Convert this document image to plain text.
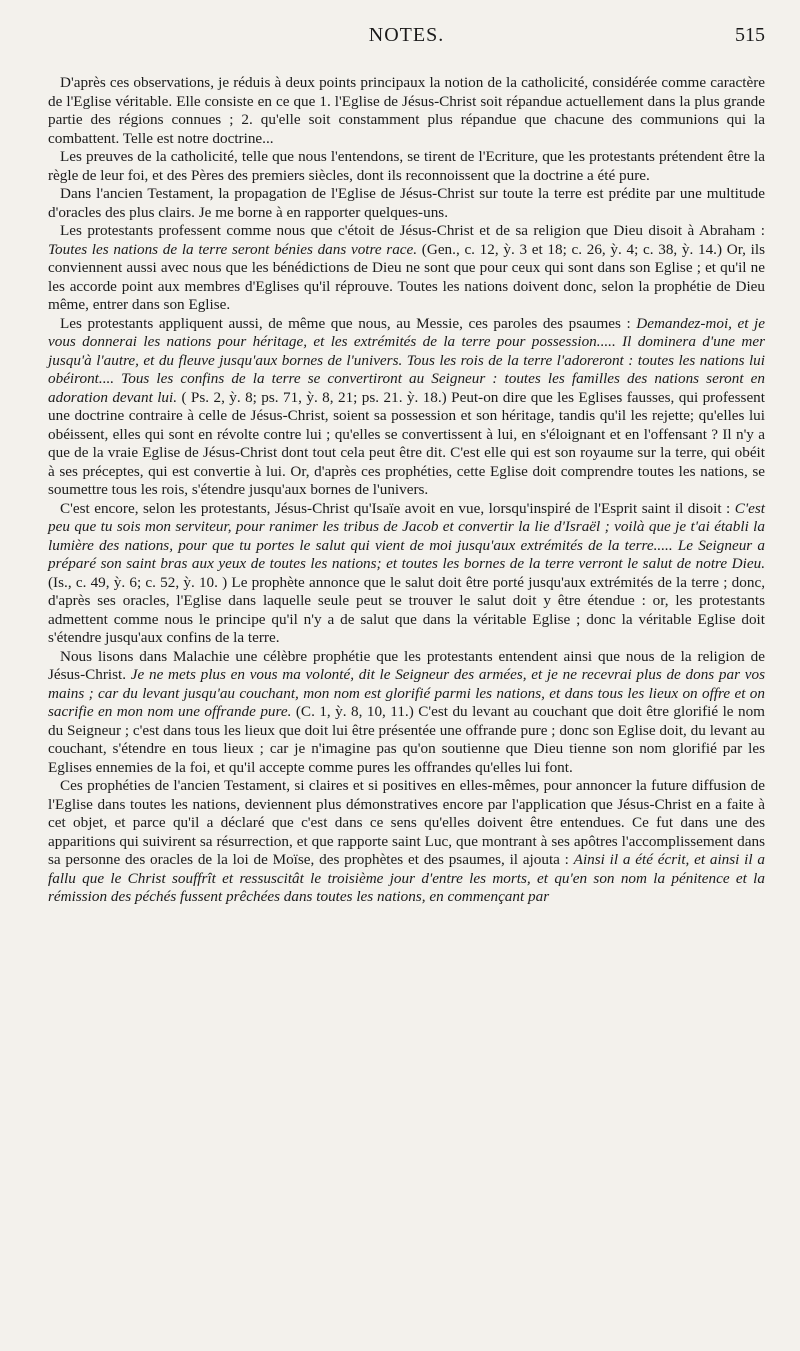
NOTES.	515

D'après ces observations, je réduis à deux points principaux la notion de la catholicité, considérée comme caractère de l'Eglise véritable. Elle consiste en ce que 1. l'Eglise de Jésus-Christ soit répandue actuellement dans la plus grande partie des régions connues ; 2. qu'elle soit constamment plus répandue que chacune des communions qui la combattent. Telle est notre doctrine...

Les preuves de la catholicité, telle que nous l'entendons, se tirent de l'Ecriture, que les protestants prétendent être la règle de leur foi, et des Pères des premiers siècles, dont ils reconnoissent que la doctrine a été pure.

Dans l'ancien Testament, la propagation de l'Eglise de Jésus-Christ sur toute la terre est prédite par une multitude d'oracles des plus clairs. Je me borne à en rapporter quelques-uns.

Les protestants professent comme nous que c'étoit de Jésus-Christ et de sa religion que Dieu disoit à Abraham : Toutes les nations de la terre seront bénies dans votre race. (Gen., c. 12, ỳ. 3 et 18; c. 26, ỳ. 4; c. 38, ỳ. 14.) Or, ils conviennent aussi avec nous que les bénédictions de Dieu ne sont que pour ceux qui sont dans son Eglise ; et qu'il ne les accorde point aux membres d'Eglises qu'il réprouve. Toutes les nations doivent donc, selon la prophétie de Dieu même, entrer dans son Eglise.

Les protestants appliquent aussi, de même que nous, au Messie, ces paroles des psaumes : Demandez-moi, et je vous donnerai les nations pour héritage, et les extrémités de la terre pour possession..... Il dominera d'une mer jusqu'à l'autre, et du fleuve jusqu'aux bornes de l'univers. Tous les rois de la terre l'adoreront : toutes les nations lui obéiront.... Tous les confins de la terre se convertiront au Seigneur : toutes les familles des nations seront en adoration devant lui. ( Ps. 2, ỳ. 8; ps. 71, ỳ. 8, 21; ps. 21. ỳ. 18.) Peut-on dire que les Eglises fausses, qui professent une doctrine contraire à celle de Jésus-Christ, soient sa possession et son héritage, tandis qu'il les rejette; qu'elles lui obéissent, elles qui sont en révolte contre lui ; qu'elles se convertissent à lui, en s'éloignant et en l'offensant ? Il n'y a que de la vraie Eglise de Jésus-Christ dont tout cela peut être dit. C'est elle qui est son royaume sur la terre, qui obéit à ses préceptes, qui est convertie à lui. Or, d'après ces prophéties, cette Eglise doit comprendre toutes les nations, se soumettre tous les rois, s'étendre jusqu'aux bornes de l'univers.

C'est encore, selon les protestants, Jésus-Christ qu'Isaïe avoit en vue, lorsqu'inspiré de l'Esprit saint il disoit : C'est peu que tu sois mon serviteur, pour ranimer les tribus de Jacob et convertir la lie d'Israël ; voilà que je t'ai établi la lumière des nations, pour que tu portes le salut qui vient de moi jusqu'aux extrémités de la terre..... Le Seigneur a préparé son saint bras aux yeux de toutes les nations; et toutes les bornes de la terre verront le salut de notre Dieu. (Is., c. 49, ỳ. 6; c. 52, ỳ. 10. ) Le prophète annonce que le salut doit être porté jusqu'aux extrémités de la terre ; donc, d'après ses oracles, l'Eglise dans laquelle seule peut se trouver le salut doit y être étendue : or, les protestants admettent comme nous le principe qu'il n'y a de salut que dans la véritable Eglise ; donc la véritable Eglise doit s'étendre jusqu'aux confins de la terre.

Nous lisons dans Malachie une célèbre prophétie que les protestants entendent ainsi que nous de la religion de Jésus-Christ. Je ne mets plus en vous ma volonté, dit le Seigneur des armées, et je ne recevrai plus de dons par vos mains ; car du levant jusqu'au couchant, mon nom est glorifié parmi les nations, et dans tous les lieux on offre et on sacrifie en mon nom une offrande pure. (C. 1, ỳ. 8, 10, 11.) C'est du levant au couchant que doit être glorifié le nom du Seigneur ; c'est dans tous les lieux que doit lui être présentée une offrande pure ; donc son Eglise doit, du levant au couchant, s'étendre en tous lieux ; car je n'imagine pas qu'on soutienne que Dieu tienne son nom glorifié par les Eglises ennemies de la foi, et qu'il accepte comme pures les offrandes qu'elles lui font.

Ces prophéties de l'ancien Testament, si claires et si positives en elles-mêmes, pour annoncer la future diffusion de l'Eglise dans toutes les nations, deviennent plus démonstratives encore par l'application que Jésus-Christ en a faite à cet objet, et parce qu'il a déclaré que c'est dans ce sens qu'elles doivent être entendues. Ce fut dans une des apparitions qui suivirent sa résurrection, et que rapporte saint Luc, que montrant à ses apôtres l'accomplissement dans sa personne des oracles de la loi de Moïse, des prophètes et des psaumes, il ajouta : Ainsi il a été écrit, et ainsi il a fallu que le Christ souffrît et ressuscitât le troisième jour d'entre les morts, et qu'en son nom la pénitence et la rémission des péchés fussent prêchées dans toutes les nations, en commençant par
